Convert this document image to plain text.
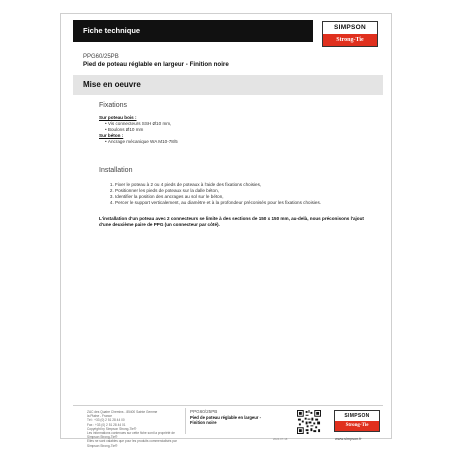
Fiche technique	SIMPSON
Strong-Tie
PPG60/25PB
Pied de poteau réglable en largeur - Finition noire
Mise en oeuvre
Fixations

Sur poteau bois :

• Vis connecteurs SSH Ø10 mm,
• Boulons Ø10 mm

Sur béton :

• Ancrage mécanique WA M10-78/5
Installation
1. Fixer le poteau à 2 ou 4 pieds de poteaux à l'aide des fixations choisies,
2. Positionner les pieds de poteaux sur la dalle béton,
3. Identifier la position des ancrages au sol sur le béton,
4. Percer le support verticalement, au diamètre et à la profondeur préconisés pour les fixations choisies.
L'installation d'un poteau avec 2 connecteurs se limite à des sections de 150 x 150 mm, au-delà, nous préconisons l'ajout d'une deuxième paire de PPG (un connecteur par côté).
ZAC des Quatre Chemins - 85400 Sainte Gemme
la Plaine - France
Tél : +33 (0) 2 51 28 44 00
Fax : +33 (0) 2 51 28 44 01
Copyright by Simpson Strong-Tie®
Les informations contenues sur cette fiche sont la propriété de Simpson Strong-Tie®
Elles ne sont valables que pour les produits commercialisés par Simpson Strong-Tie®
PPG60/25PB
Pied de poteau réglable en largeur - Finition noire
2024-07-18
SIMPSON
Strong-Tie
www.simpson.fr
